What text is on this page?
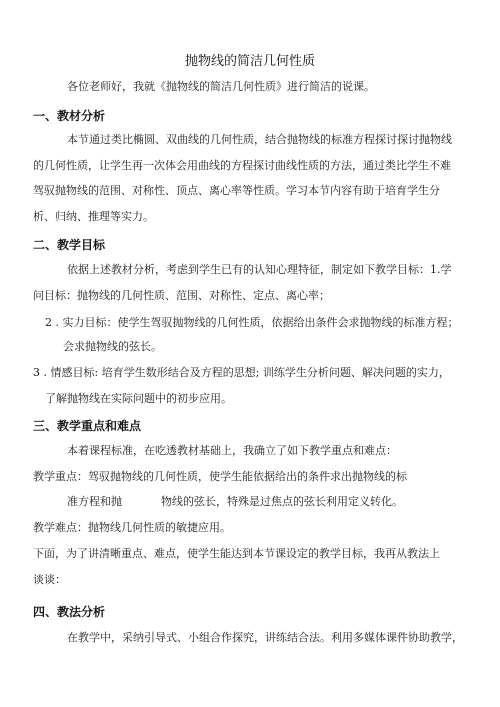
抛物线的简洁几何性质
各位老师好，我就《抛物线的简洁几何性质》进行简洁的说课。
一、教材分析
本节通过类比椭圆、双曲线的几何性质，结合抛物线的标准方程探讨探讨抛物线
的几何性质，让学生再一次体会用曲线的方程探讨曲线性质的方法，通过类比学生不难
驾驭抛物线的范围、对称性、顶点、离心率等性质。学习本节内容有助于培育学生分
析、归纳、推理等实力。
二、教学目标
依据上述教材分析，考虑到学生已有的认知心理特征，制定如下教学目标：1.学
问目标：抛物线的几何性质、范围、对称性、定点、离心率；
2 . 实力目标：使学生驾驭抛物线的几何性质，依据给出条件会求抛物线的标准方程；
会求抛物线的弦长。
3 . 情感目标: 培育学生数形结合及方程的思想; 训练学生分析问题、解决问题的实力，
了解抛物线在实际问题中的初步应用。
三、教学重点和难点
本着课程标准，在吃透教材基础上，我确立了如下教学重点和难点：
教学重点：驾驭抛物线的几何性质，使学生能依据给出的条件求出抛物线的标
准方程和抛	物线的弦长，特殊是过焦点的弦长利用定义转化。
教学难点：抛物线几何性质的敏捷应用。
下面，为了讲清晰重点、难点，使学生能达到本节课设定的教学目标，我再从教法上
谈谈：
四、教法分析
在教学中，采纳引导式、小组合作探究，讲练结合法。利用多媒体课件协助教学，
